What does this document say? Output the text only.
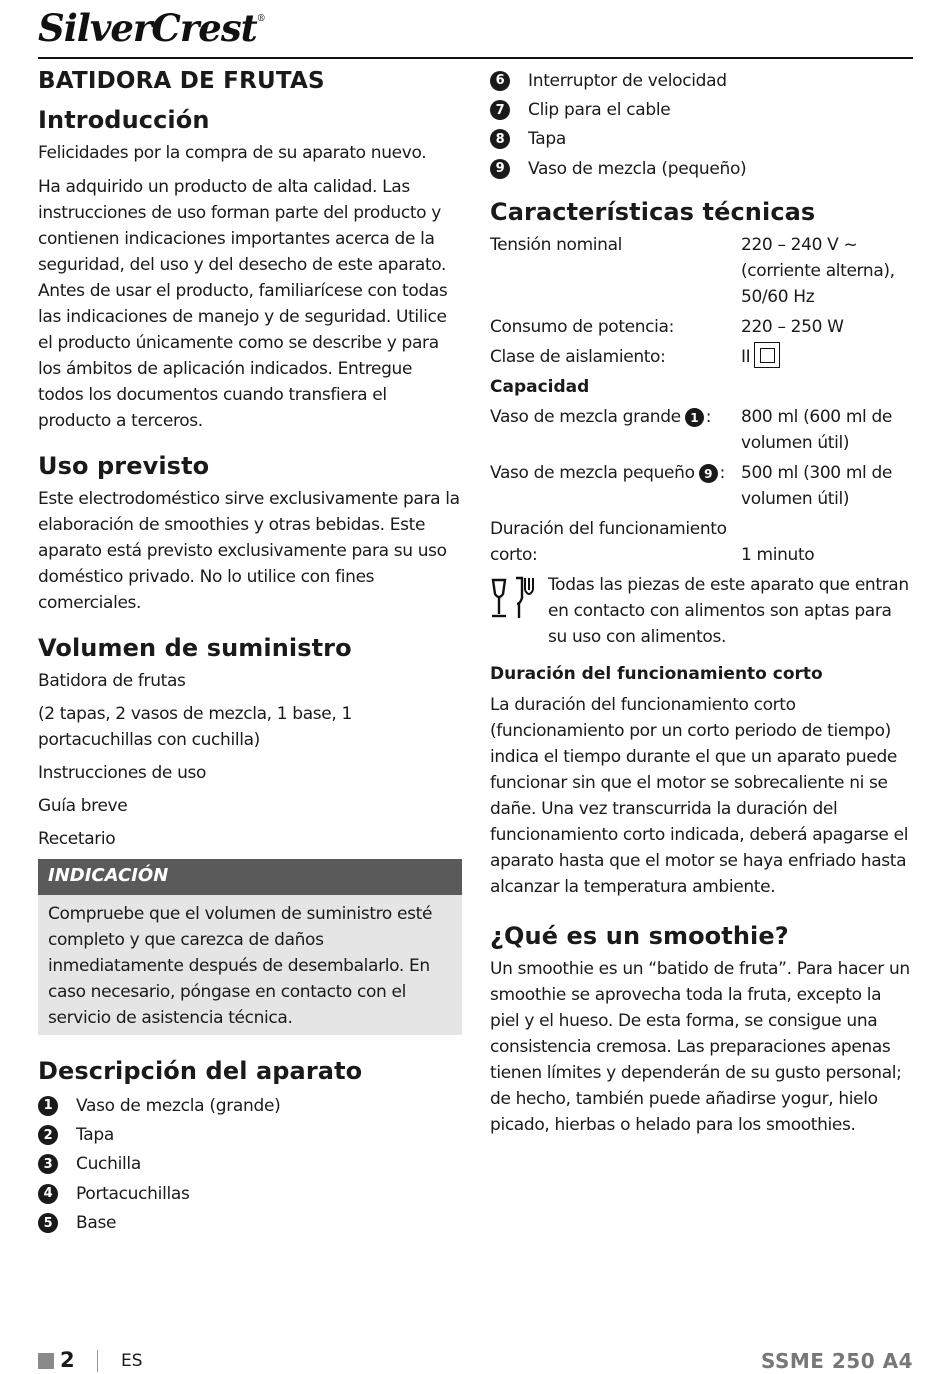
SilverCrest®
BATIDORA DE FRUTAS
Introducción

Felicidades por la compra de su aparato nuevo.

Ha adquirido un producto de alta calidad. Las instrucciones de uso forman parte del producto y contienen indicaciones importantes acerca de la seguridad, del uso y del desecho de este aparato. Antes de usar el producto, familiarícese con todas las indicaciones de manejo y de seguridad. Utilice el producto únicamente como se describe y para los ámbitos de aplicación indicados. Entregue todos los documentos cuando transfiera el producto a terceros.

Uso previsto

Este electrodoméstico sirve exclusivamente para la elaboración de smoothies y otras bebidas. Este aparato está previsto exclusivamente para su uso doméstico privado. No lo utilice con fines comerciales.

Volumen de suministro

Batidora de frutas

(2 tapas, 2 vasos de mezcla, 1 base, 1 portacuchillas con cuchilla)

Instrucciones de uso

Guía breve

Recetario

INDICACIÓN

Compruebe que el volumen de suministro esté completo y que carezca de daños inmediatamente después de desembalarlo. En caso necesario, póngase en contacto con el servicio de asistencia técnica.

Descripción del aparato
1	Vaso de mezcla (grande)
2	Tapa
3	Cuchilla
4	Portacuchillas
5	Base
6	Interruptor de velocidad
7	Clip para el cable
8	Tapa
9	Vaso de mezcla (pequeño)
Características técnicas
Tensión nominal	220 – 240 V ~ (corriente alterna), 50/60 Hz
Consumo de potencia:	220 – 250 W
Clase de aislamiento:	II
Capacidad
Vaso de mezcla grande 1 :	800 ml (600 ml de volumen útil)
Vaso de mezcla pequeño 9 : 500 ml (300 ml de volumen útil)
Duración del funcionamiento corto:	1 minuto

Todas las piezas de este aparato que entran en contacto con alimentos son aptas para su uso con alimentos.

Duración del funcionamiento corto

La duración del funcionamiento corto (funcionamiento por un corto periodo de tiempo) indica el tiempo durante el que un aparato puede funcionar sin que el motor se sobrecaliente ni se dañe. Una vez transcurrida la duración del funcionamiento corto indicada, deberá apagarse el aparato hasta que el motor se haya enfriado hasta alcanzar la temperatura ambiente.

¿Qué es un smoothie?

Un smoothie es un “batido de fruta”. Para hacer un smoothie se aprovecha toda la fruta, excepto la piel y el hueso. De esta forma, se consigue una consistencia cremosa. Las preparaciones apenas tienen límites y dependerán de su gusto personal; de hecho, también puede añadirse yogur, hielo picado, hierbas o helado para los smoothies.

2	ES	SSME 250 A4
